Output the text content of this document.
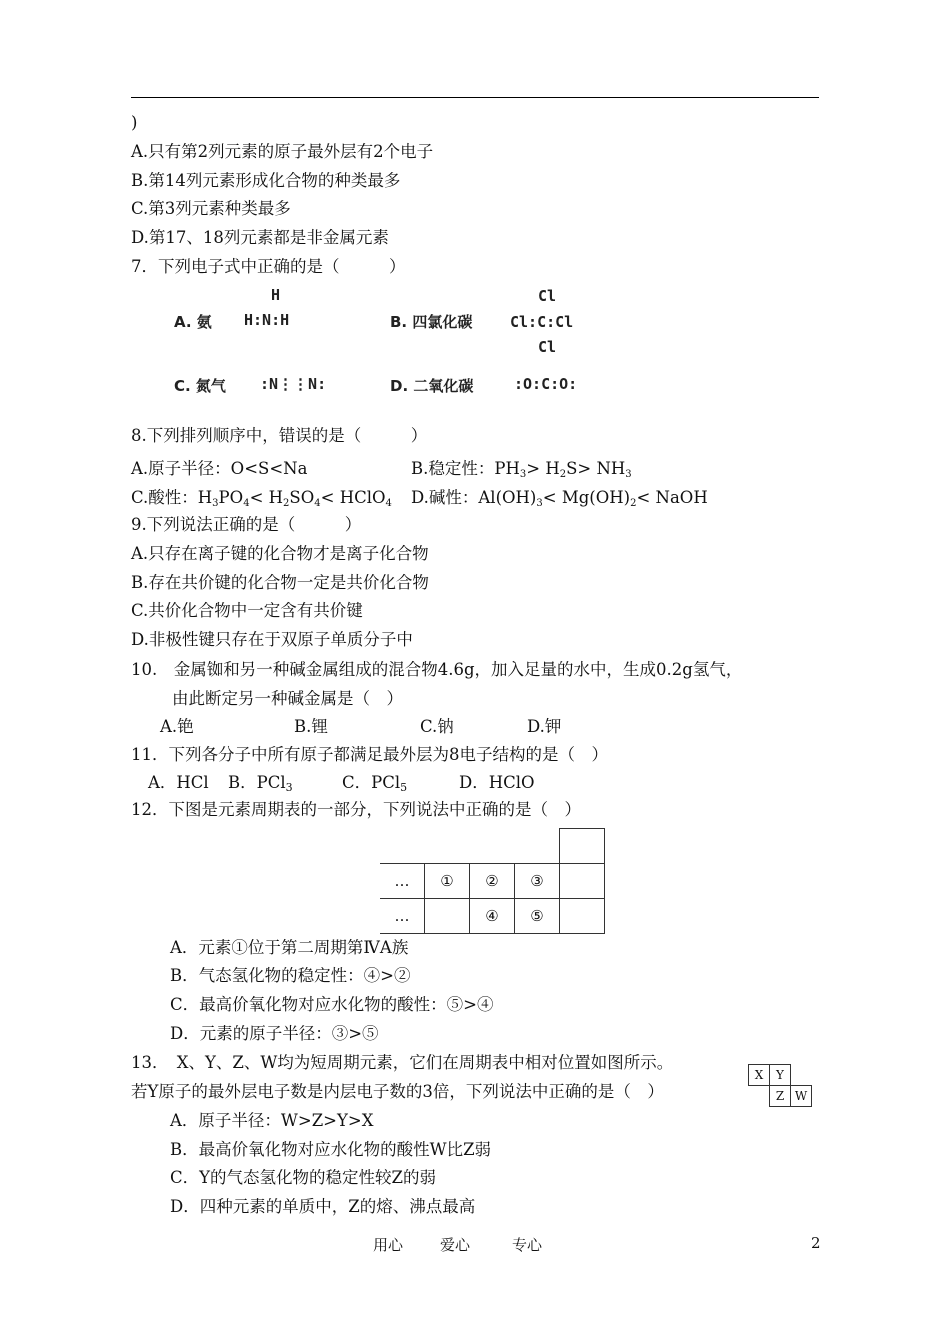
)
A.只有第2列元素的原子最外层有2个电子
B.第14列元素形成化合物的种类最多
C.第3列元素种类最多
D.第17、18列元素都是非金属元素
7．下列电子式中正确的是（　　　）
A. 氨
H
H:N:H	B. 四氯化碳
Cl
Cl:C:Cl
Cl
C. 氮气 :N⋮⋮N:	D. 二氧化碳	:O:C:O:
8.下列排列顺序中，错误的是（　　　）
A.原子半径：O<S<Na	B.稳定性：$PH_3> H_2S> NH_3$
C.酸性：$H_3PO_4< H_2SO_4<$ HClO$_4$ D.碱性：$Al(OH)_3< Mg(OH)_2<$ NaOH
9.下列说法正确的是（　　　）
A.只存在离子键的化合物才是离子化合物
B.存在共价键的化合物一定是共价化合物
C.共价化合物中一定含有共价键
D.非极性键只存在于双原子单质分子中
10.　金属铷和另一种碱金属组成的混合物4.6g，加入足量的水中，生成0.2g氢气，
由此断定另一种碱金属是（　）
A.铯	B.锂	C.钠	D.钾
11．下列各分子中所有原子都满足最外层为8电子结构的是（　）
A．HCl B．PCl3	C．PCl5	D．HClO
12．下图是元素周期表的一部分，下列说法中正确的是（　）

…	①	②	③	
…		④	⑤	
A．元素①位于第二周期第ⅣA族
B．气态氢化物的稳定性：④>②
C．最高价氧化物对应水化物的酸性：⑤>④
D．元素的原子半径：③>⑤
13．　X、Y、Z、W均为短周期元素，它们在周期表中相对位置如图所示。
若Y原子的最外层电子数是内层电子数的3倍，下列说法中正确的是（　）
X	Y	
	Z	W
A．原子半径：W>Z>Y>X
B．最高价氧化物对应水化物的酸性W比Z弱
C．Y的气态氢化物的稳定性较Z的弱
D．四种元素的单质中，Z的熔、沸点最高
用心 爱心	专心	2
